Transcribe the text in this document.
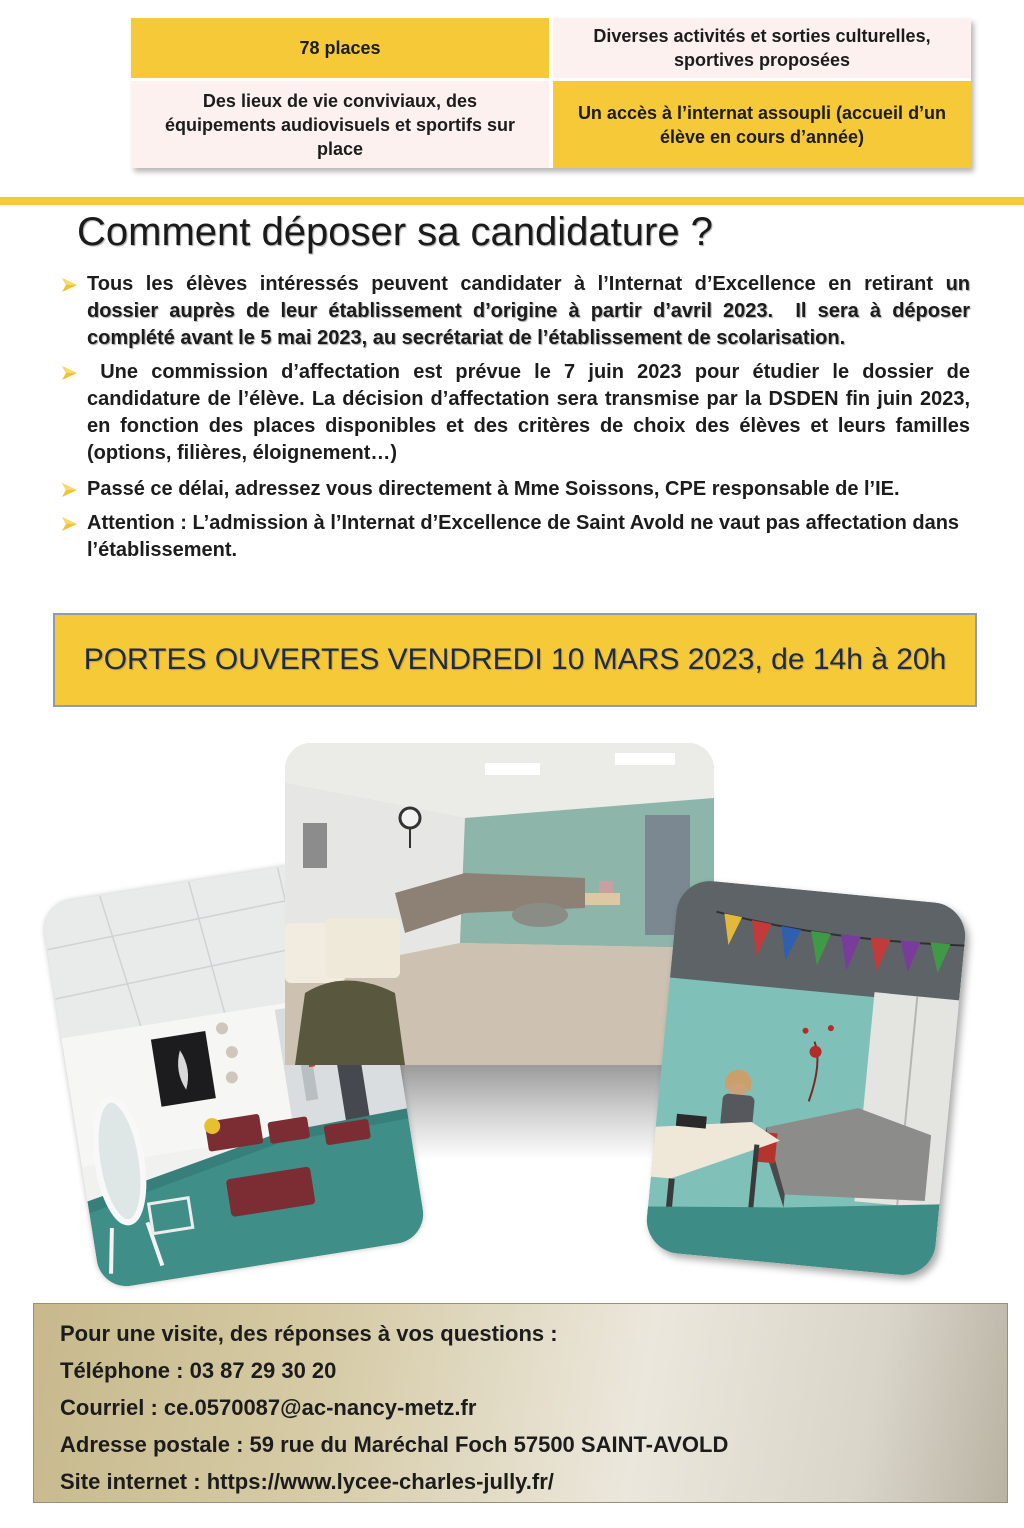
78 places
Diverses activités et sorties culturelles, sportives proposées
Des lieux de vie conviviaux, des équipements audiovisuels et sportifs sur place
Un accès à l’internat assoupli (accueil d’un élève en cours d’année)
Comment déposer sa candidature ?

Tous les élèves intéressés peuvent candidater à l’Internat d’Excellence en retirant un dossier auprès de leur établissement d’origine à partir d’avril 2023.  Il sera à déposer complété avant le 5 mai 2023, au secrétariat de l’établissement de scolarisation.

Une commission d’affectation est prévue le 7 juin 2023 pour étudier le dossier de candidature de l’élève. La décision d’affectation sera transmise par la DSDEN fin juin 2023, en fonction des places disponibles et des critères de choix des élèves et leurs familles (options, filières, éloignement…)

Passé ce délai, adressez vous directement à Mme Soissons, CPE responsable de l’IE.

Attention : L’admission à l’Internat d’Excellence de Saint Avold ne vaut pas affectation dans l’établissement.

PORTES OUVERTES VENDREDI 10 MARS 2023, de 14h à 20h

Pour une visite, des réponses à vos questions :

Téléphone : 03 87 29 30 20

Courriel : ce.0570087@ac-nancy-metz.fr

Adresse postale : 59 rue du Maréchal Foch 57500 SAINT-AVOLD

Site internet : https://www.lycee-charles-jully.fr/
